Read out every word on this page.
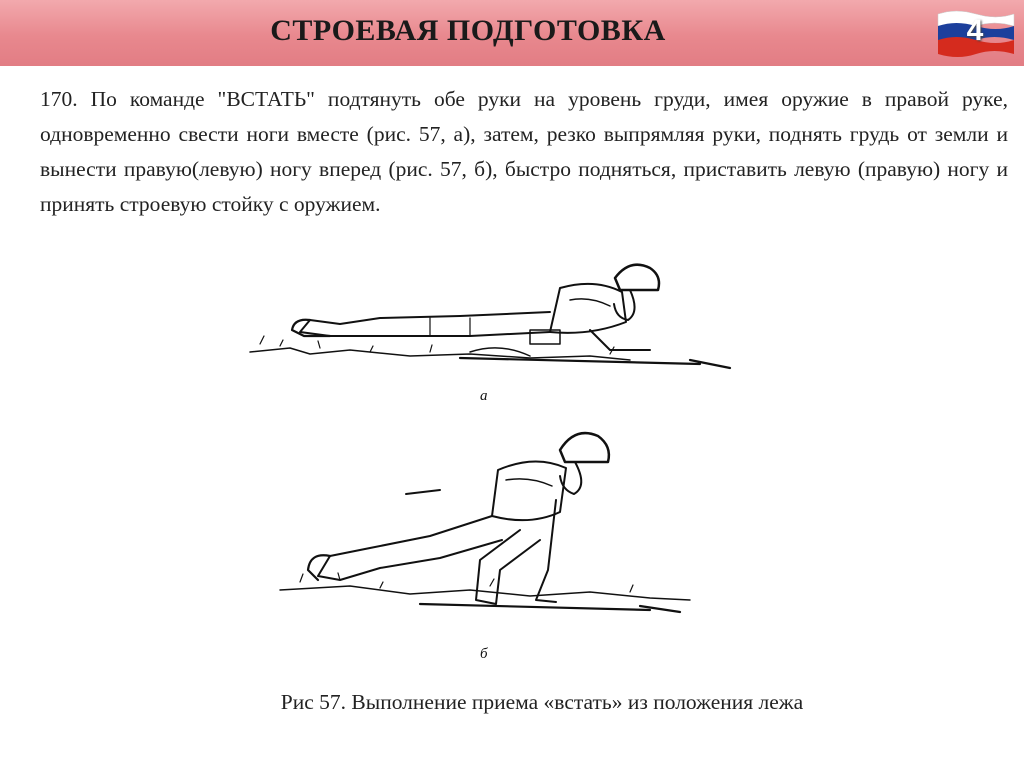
СТРОЕВАЯ ПОДГОТОВКА	4

170. По команде "ВСТАТЬ" подтянуть обе руки на уровень груди, имея оружие в правой руке, одновременно свести ноги вместе (рис. 57, а), затем, резко выпрямляя руки, поднять грудь от земли и вынести правую(левую) ногу вперед (рис. 57, б), быстро подняться, приставить левую (правую) ногу и принять строевую стойку с оружием.

а
б
Рис 57. Выполнение приема «встать» из положения лежа
